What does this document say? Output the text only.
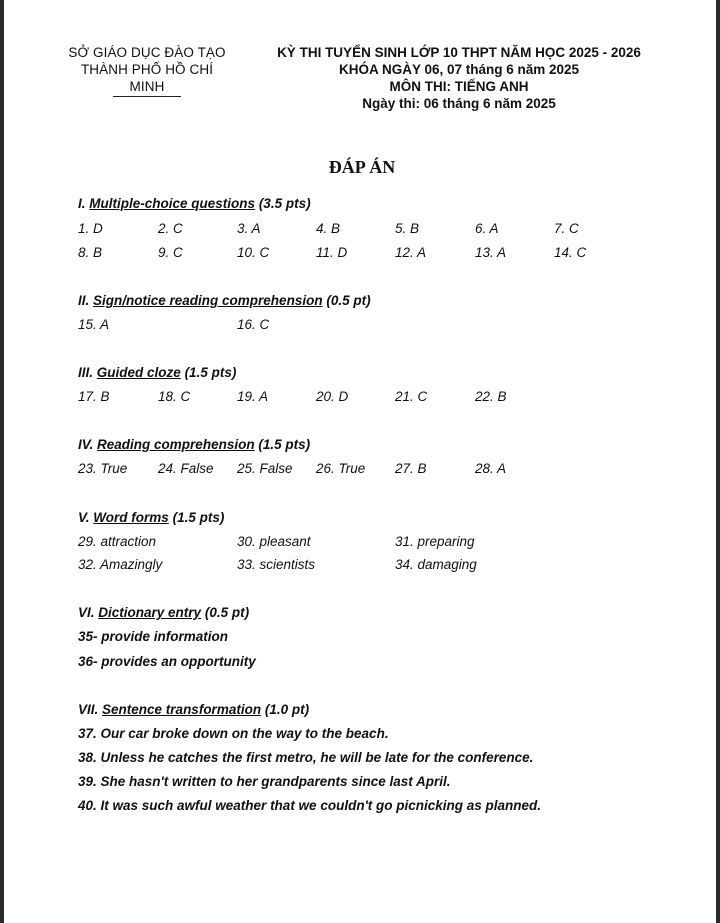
SỞ GIÁO DỤC ĐÀO TẠO
THÀNH PHỐ HỒ CHÍ MINH
KỲ THI TUYỂN SINH LỚP 10 THPT NĂM HỌC 2025 - 2026
KHÓA NGÀY 06, 07 tháng 6 năm 2025
MÔN THI: TIẾNG ANH
Ngày thi: 06 tháng 6 năm 2025
ĐÁP ÁN
I. Multiple-choice questions (3.5 pts)
1. D	2. C	3. A	4. B	5. B	6. A	7. C
8. B	9. C	10. C	11. D	12. A	13. A	14. C
II. Sign/notice reading comprehension (0.5 pt)
15. A	16. C
III. Guided cloze (1.5 pts)
17. B	18. C	19. A	20. D	21. C	22. B
IV. Reading comprehension (1.5 pts)
23. True 24. False 25. False 26. True 27. B	28. A
V. Word forms (1.5 pts)
29. attraction	30. pleasant	31. preparing
32. Amazingly	33. scientists	34. damaging
VI. Dictionary entry (0.5 pt)
35- provide information
36- provides an opportunity
VII. Sentence transformation (1.0 pt)
37. Our car broke down on the way to the beach.
38. Unless he catches the first metro, he will be late for the conference.
39. She hasn't written to her grandparents since last April.
40. It was such awful weather that we couldn't go picnicking as planned.
